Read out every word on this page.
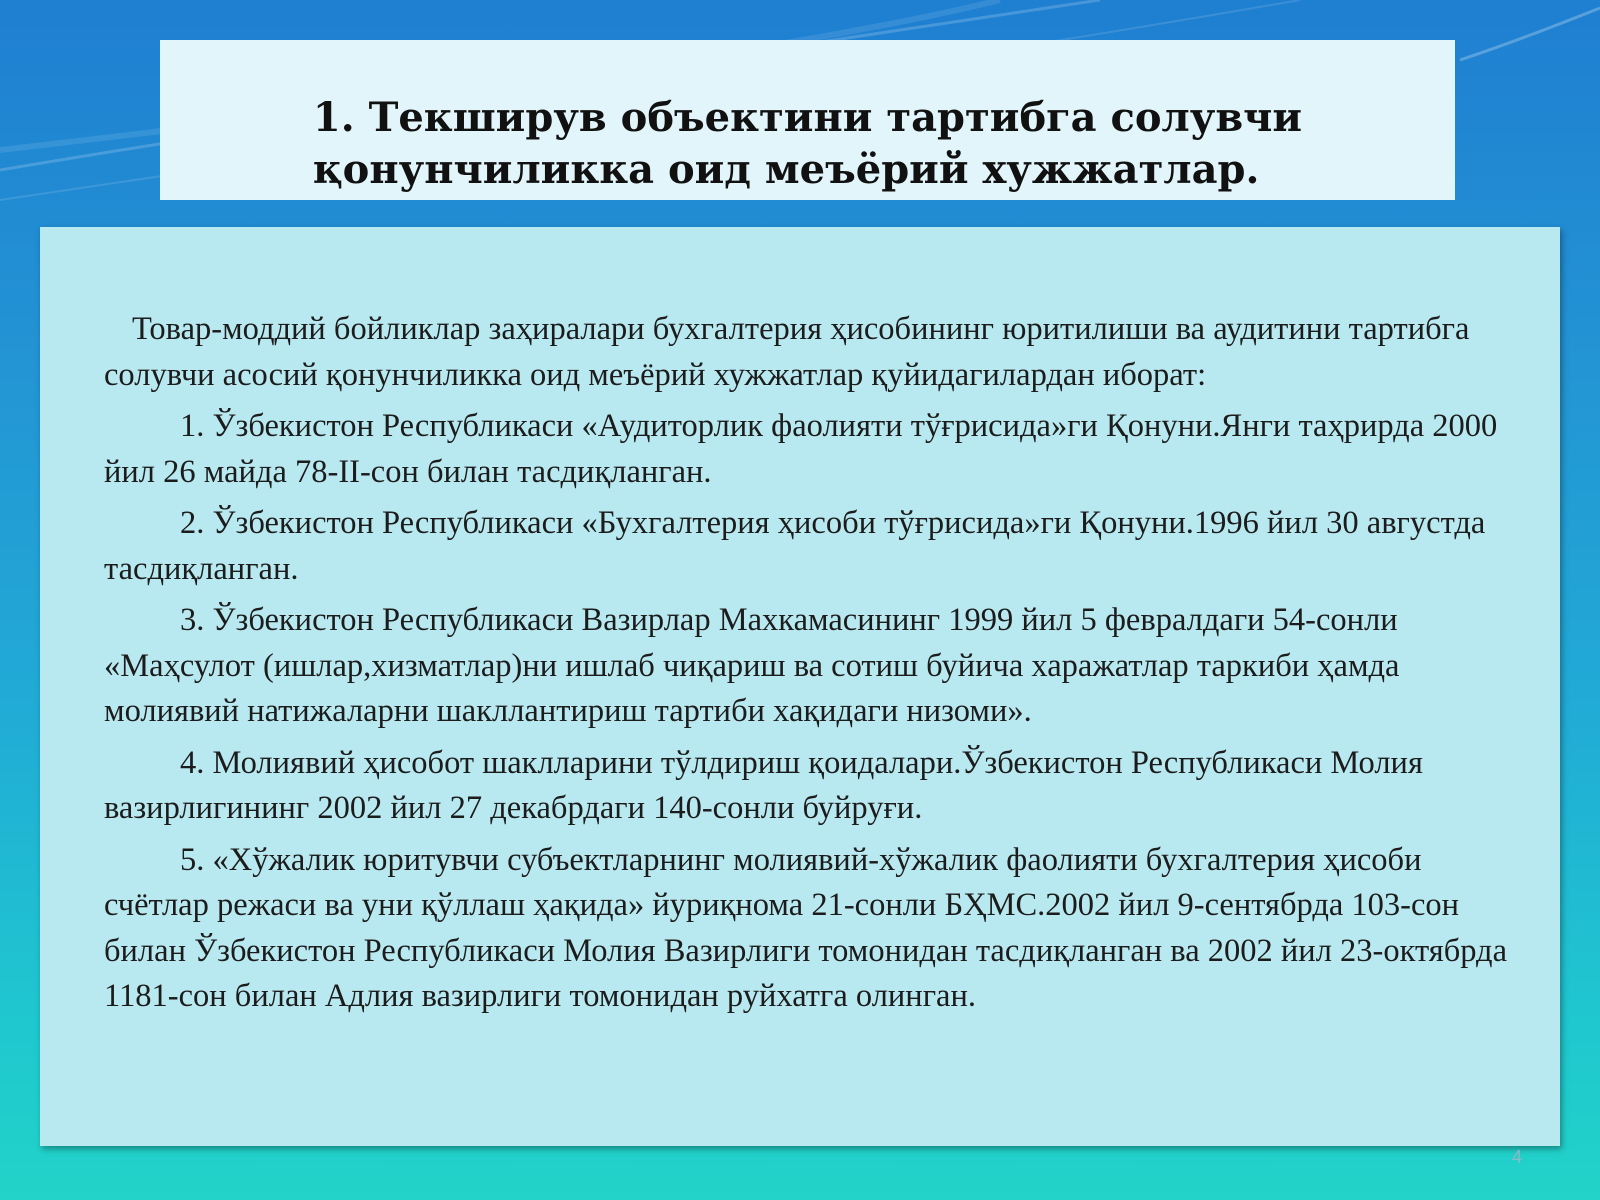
1. Текширув объектини тартибга солувчи
қонунчиликка оид меъёрий хужжатлар.

Товар-моддий бойликлар заҳиралари бухгалтерия ҳисобининг юритилиши ва аудитини тартибга солувчи асосий қонунчиликка оид меъёрий хужжатлар қуйидагилардан иборат:

1. Ўзбекистон Республикаси «Аудиторлик фаолияти тўғрисида»ги Қонуни.Янги таҳрирда 2000 йил 26 майда 78-II-сон билан тасдиқланган.

2. Ўзбекистон Республикаси «Бухгалтерия ҳисоби тўғрисида»ги Қонуни.1996 йил 30 августда тасдиқланган.

3. Ўзбекистон Республикаси Вазирлар Махкамасининг 1999 йил 5 февралдаги 54-сонли «Маҳсулот (ишлар,хизматлар)ни ишлаб чиқариш ва сотиш буйича харажатлар таркиби ҳамда молиявий натижаларни шакллантириш тартиби хақидаги низоми».

4. Молиявий ҳисобот шаклларини тўлдириш қоидалари.Ўзбекистон Республикаси Молия вазирлигининг 2002 йил 27 декабрдаги 140-сонли буйруғи.

5. «Хўжалик юритувчи субъектларнинг молиявий-хўжалик фаолияти бухгалтерия ҳисоби счётлар режаси ва уни қўллаш ҳақида» йуриқнома 21-сонли БҲМС.2002 йил 9-сентябрда 103-сон билан Ўзбекистон Республикаси Молия Вазирлиги томонидан тасдиқланган ва 2002 йил 23-октябрда 1181-сон билан Адлия вазирлиги томонидан руйхатга олинган.

4
